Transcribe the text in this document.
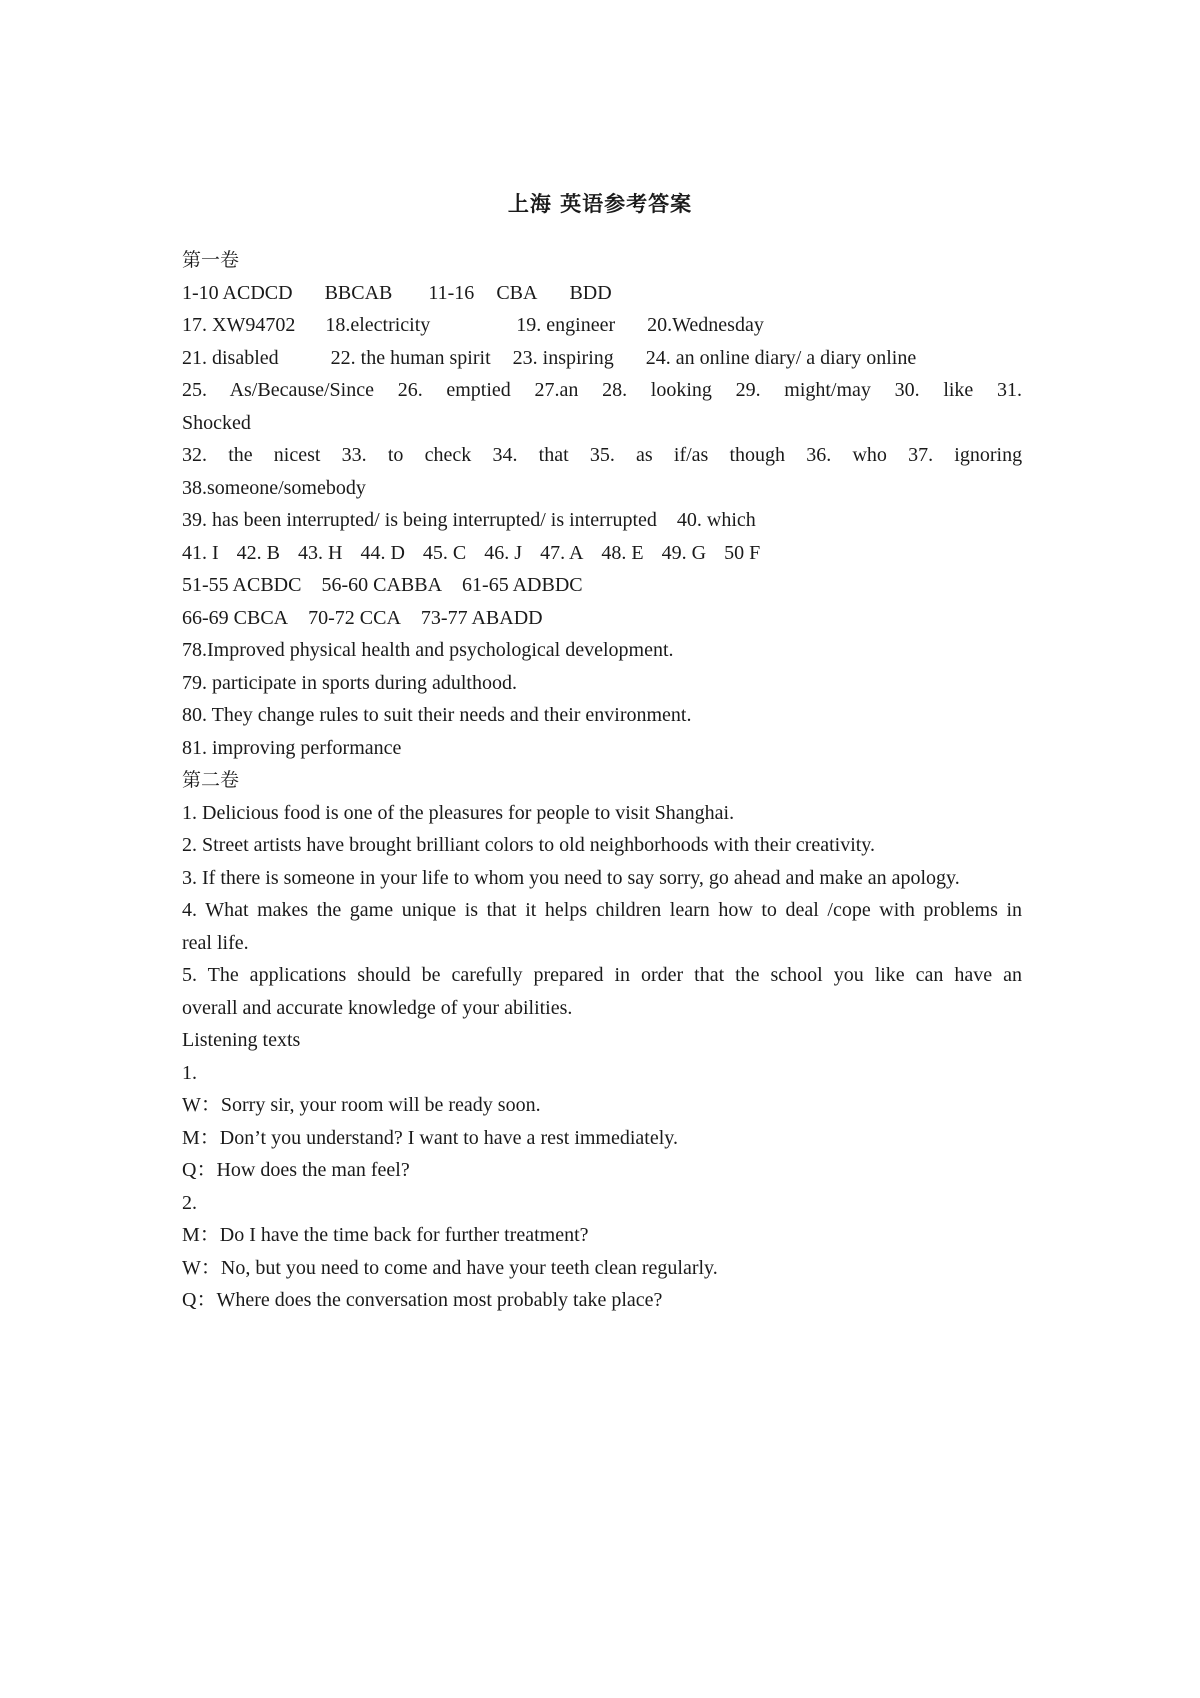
上海 英语参考答案
第一卷
1-10 ACDCD BBCAB 11-16 CBA BDD
17. XW94702 18.electricity	19. engineer 20.Wednesday
21. disabled	22. the human spirit 23. inspiring 24. an online diary/ a diary online
25. As/Because/Since 26. emptied 27.an 28. looking 29. might/may 30. like 31.
Shocked
32. the nicest 33. to check 34. that 35. as if/as though 36. who 37. ignoring
38.someone/somebody
39. has been interrupted/ is being interrupted/ is interrupted 40. which
41. I 42. B 43. H 44. D 45. C 46. J 47. A 48. E 49. G 50 F
51-55 ACBDC 56-60 CABBA 61-65 ADBDC
66-69 CBCA 70-72 CCA 73-77 ABADD
78.Improved physical health and psychological development.
79. participate in sports during adulthood.
80. They change rules to suit their needs and their environment.
81. improving performance
第二卷
1. Delicious food is one of the pleasures for people to visit Shanghai.
2. Street artists have brought brilliant colors to old neighborhoods with their creativity.
3. If there is someone in your life to whom you need to say sorry, go ahead and make an apology.
4. What makes the game unique is that it helps children learn how to deal /cope with problems in
real life.
5. The applications should be carefully prepared in order that the school you like can have an
overall and accurate knowledge of your abilities.
Listening texts
1.
W：Sorry sir, your room will be ready soon.
M：Don’t you understand? I want to have a rest immediately.
Q：How does the man feel?
2.
M：Do I have the time back for further treatment?
W：No, but you need to come and have your teeth clean regularly.
Q：Where does the conversation most probably take place?
